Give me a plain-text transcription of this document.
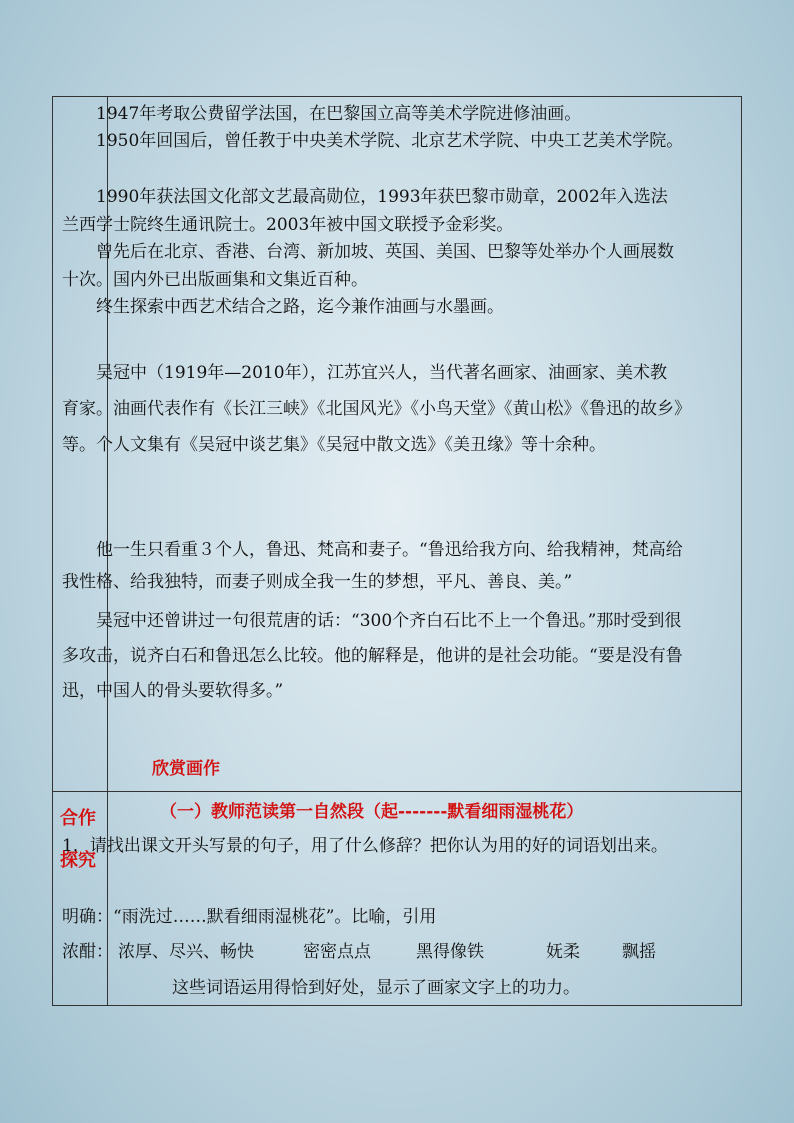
1947年考取公费留学法国，在巴黎国立高等美术学院进修油画。

1950年回国后，曾任教于中央美术学院、北京艺术学院、中央工艺美术学院。

1990年获法国文化部文艺最高勋位，1993年获巴黎市勋章，2002年入选法兰西学士院终生通讯院士。2003年被中国文联授予金彩奖。

曾先后在北京、香港、台湾、新加坡、英国、美国、巴黎等处举办个人画展数十次。国内外已出版画集和文集近百种。

终生探索中西艺术结合之路，迄今兼作油画与水墨画。

吴冠中（1919年—2010年），江苏宜兴人，当代著名画家、油画家、美术教育家。油画代表作有《长江三峡》《北国风光》《小鸟天堂》《黄山松》《鲁迅的故乡》等。个人文集有《吴冠中谈艺集》《吴冠中散文选》《美丑缘》等十余种。

他一生只看重３个人，鲁迅、梵高和妻子。“鲁迅给我方向、给我精神，梵高给我性格、给我独特，而妻子则成全我一生的梦想，平凡、善良、美。”

吴冠中还曾讲过一句很荒唐的话：“300个齐白石比不上一个鲁迅。”那时受到很多攻击，说齐白石和鲁迅怎么比较。他的解释是，他讲的是社会功能。“要是没有鲁迅，中国人的骨头要软得多。”

欣赏画作
合作
探究
（一）教师范读第一自然段（起-------默看细雨湿桃花）

1．请找出课文开头写景的句子，用了什么修辞？把你认为用的好的词语划出来。

明确：“雨洗过……默看细雨湿桃花”。比喻，引用

浓酣： 浓厚、尽兴、畅快	密密点点	黑得像铁	妩柔 飘摇

这些词语运用得恰到好处，显示了画家文字上的功力。
